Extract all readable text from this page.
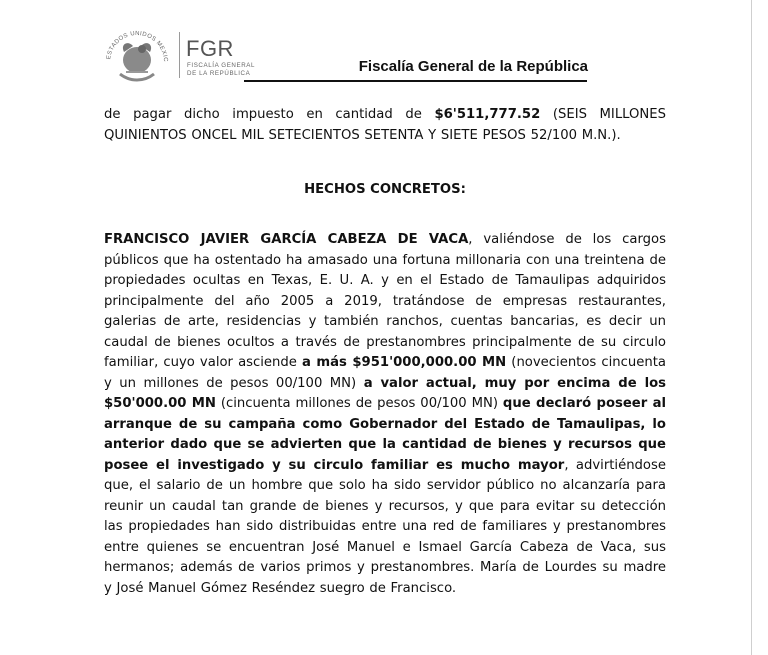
ESTADOS UNIDOS MEXIC FGR
FISCALÍA GENERAL
DE LA REPÚBLICA	Fiscalía General de la República

de pagar dicho impuesto en cantidad de $6'511,777.52 (SEIS MILLONES QUINIENTOS ONCEL MIL SETECIENTOS SETENTA Y SIETE PESOS 52/100 M.N.).

HECHOS CONCRETOS:

FRANCISCO JAVIER GARCÍA CABEZA DE VACA, valiéndose de los cargos públicos que ha ostentado ha amasado una fortuna millonaria con una treintena de propiedades ocultas en Texas, E. U. A. y en el Estado de Tamaulipas adquiridos principalmente del año 2005 a 2019, tratándose de empresas restaurantes, galerias de arte, residencias y también ranchos, cuentas bancarias, es decir un caudal de bienes ocultos a través de prestanombres principalmente de su circulo familiar, cuyo valor asciende a más $951'000,000.00 MN (novecientos cincuenta y un millones de pesos 00/100 MN) a valor actual, muy por encima de los $50'000.00 MN (cincuenta millones de pesos 00/100 MN) que declaró poseer al arranque de su campaña como Gobernador del Estado de Tamaulipas, lo anterior dado que se advierten que la cantidad de bienes y recursos que posee el investigado y su circulo familiar es mucho mayor, advirtiéndose que, el salario de un hombre que solo ha sido servidor público no alcanzaría para reunir un caudal tan grande de bienes y recursos, y que para evitar su detección las propiedades han sido distribuidas entre una red de familiares y prestanombres entre quienes se encuentran José Manuel e Ismael García Cabeza de Vaca, sus hermanos; además de varios primos y prestanombres. María de Lourdes su madre y José Manuel Gómez Reséndez suegro de Francisco.
